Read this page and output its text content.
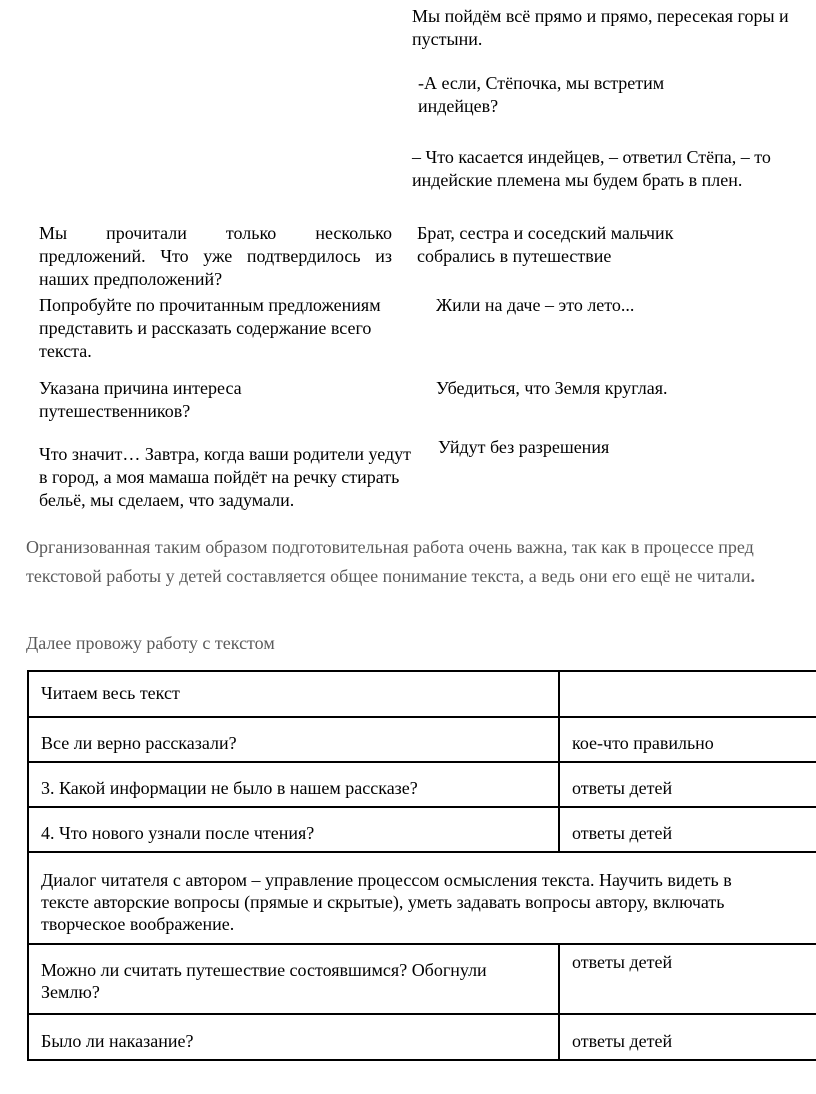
Мы пойдём всё прямо и прямо, пересекая горы и пустыни.
-А если, Стёпочка, мы встретим индейцев?
– Что касается индейцев, – ответил Стёпа, – то индейские племена мы будем брать в плен.
Мы прочитали только несколько предложений. Что уже подтвердилось из наших предположений?
Брат, сестра и соседский мальчик собрались в путешествие
Попробуйте по прочитанным предложениям представить и рассказать содержание всего текста.
Жили на даче – это лето...
Указана причина интереса путешественников?
Убедиться, что Земля круглая.
Что значит… Завтра, когда ваши родители уедут в город, а моя мамаша пойдёт на речку стирать бельё, мы сделаем, что задумали.
Уйдут без разрешения
Организованная таким образом подготовительная работа очень важна, так как в процессе пред текстовой работы у детей составляется общее понимание текста, а ведь они его ещё не читали.
Далее провожу работу с текстом
Читаем весь текст	
Все ли верно рассказали?	кое-что правильно
3. Какой информации не было в нашем рассказе?	ответы детей
4. Что нового узнали после чтения?	ответы детей
Диалог читателя с автором – управление процессом осмысления текста. Научить видеть в тексте авторские вопросы (прямые и скрытые), уметь задавать вопросы автору, включать творческое воображение.	
Можно ли считать путешествие состоявшимся? Обогнули Землю?	ответы детей
Было ли наказание?	ответы детей
